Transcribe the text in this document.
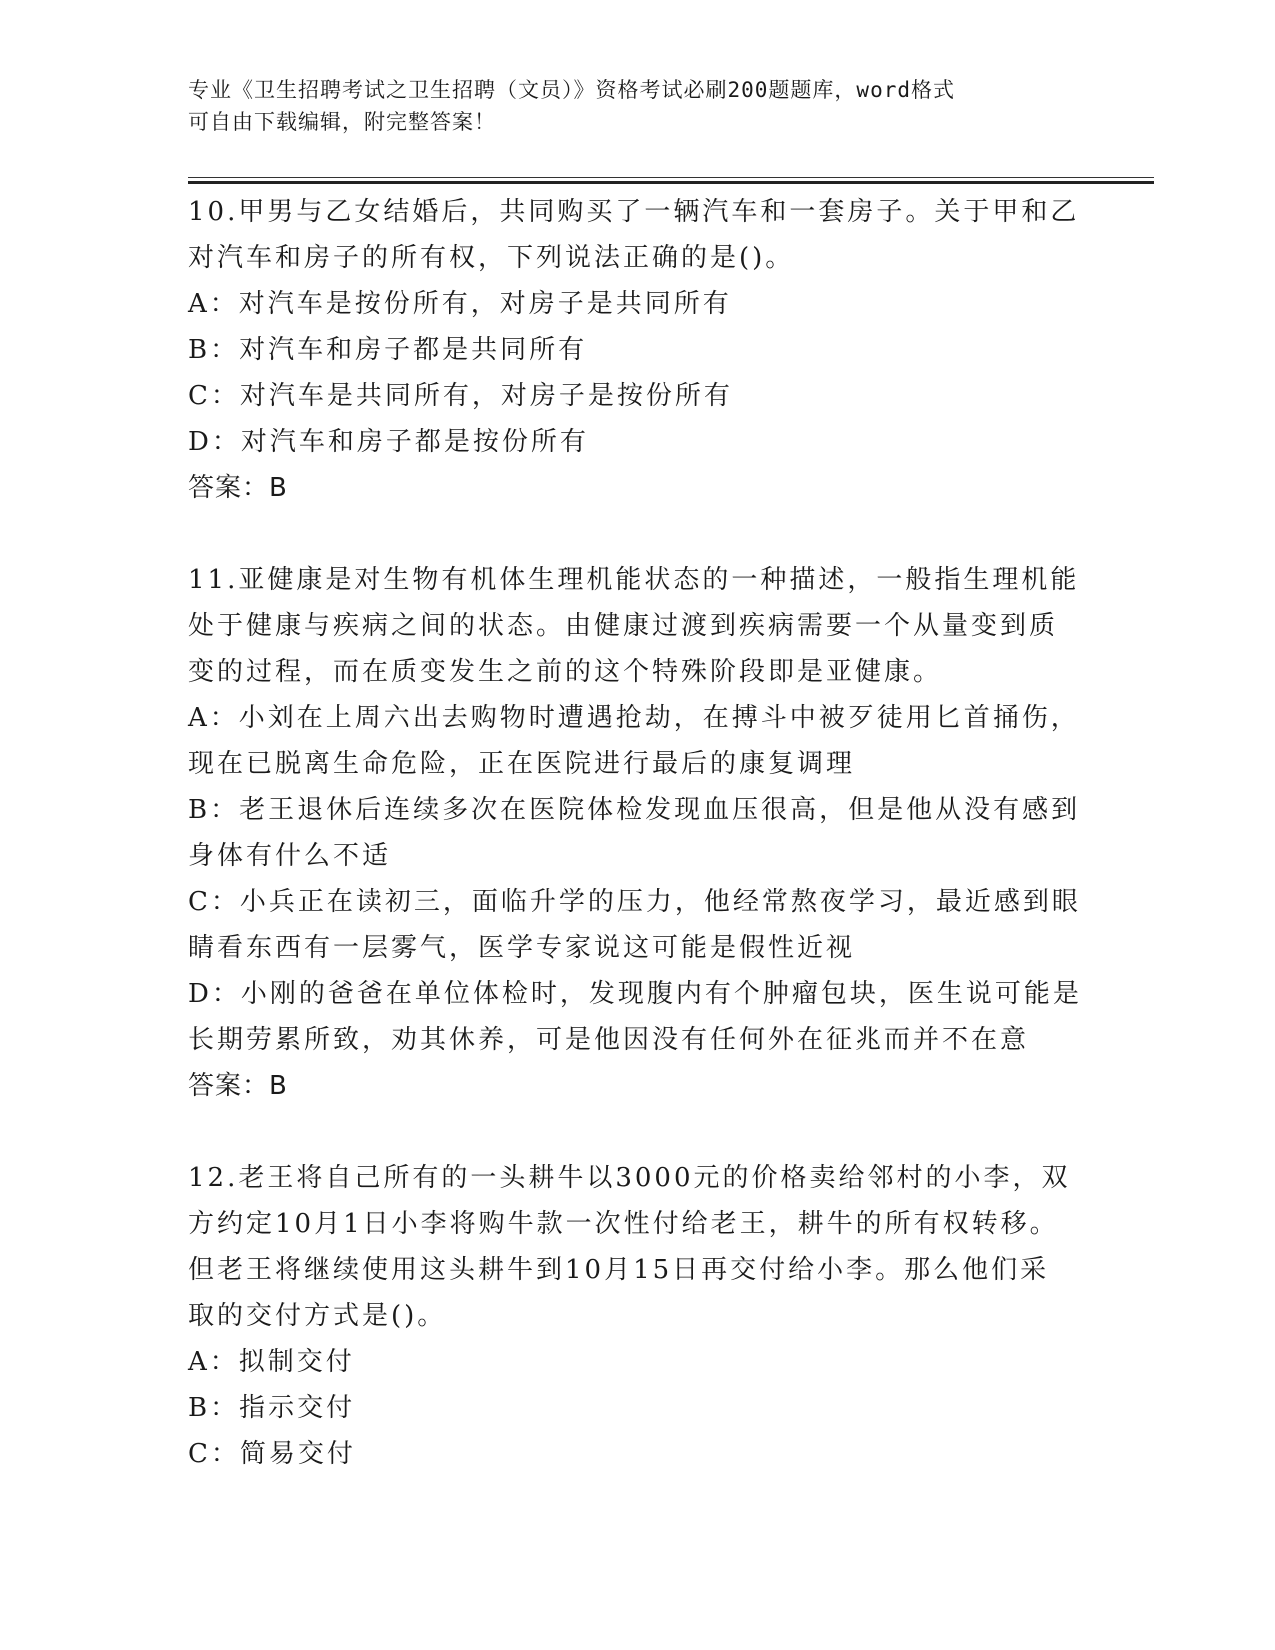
专业《卫生招聘考试之卫生招聘（文员）》资格考试必刷200题题库，word格式
可自由下载编辑，附完整答案！
10.甲男与乙女结婚后，共同购买了一辆汽车和一套房子。关于甲和乙
对汽车和房子的所有权，下列说法正确的是()。
A：对汽车是按份所有，对房子是共同所有
B：对汽车和房子都是共同所有
C：对汽车是共同所有，对房子是按份所有
D：对汽车和房子都是按份所有
答案：B
11.亚健康是对生物有机体生理机能状态的一种描述，一般指生理机能
处于健康与疾病之间的状态。由健康过渡到疾病需要一个从量变到质
变的过程，而在质变发生之前的这个特殊阶段即是亚健康。
A：小刘在上周六出去购物时遭遇抢劫，在搏斗中被歹徒用匕首捅伤，
现在已脱离生命危险，正在医院进行最后的康复调理
B：老王退休后连续多次在医院体检发现血压很高，但是他从没有感到
身体有什么不适
C：小兵正在读初三，面临升学的压力，他经常熬夜学习，最近感到眼
睛看东西有一层雾气，医学专家说这可能是假性近视
D：小刚的爸爸在单位体检时，发现腹内有个肿瘤包块，医生说可能是
长期劳累所致，劝其休养，可是他因没有任何外在征兆而并不在意
答案：B
12.老王将自己所有的一头耕牛以3000元的价格卖给邻村的小李，双
方约定10月1日小李将购牛款一次性付给老王，耕牛的所有权转移。
但老王将继续使用这头耕牛到10月15日再交付给小李。那么他们采
取的交付方式是()。
A：拟制交付
B：指示交付
C：简易交付
